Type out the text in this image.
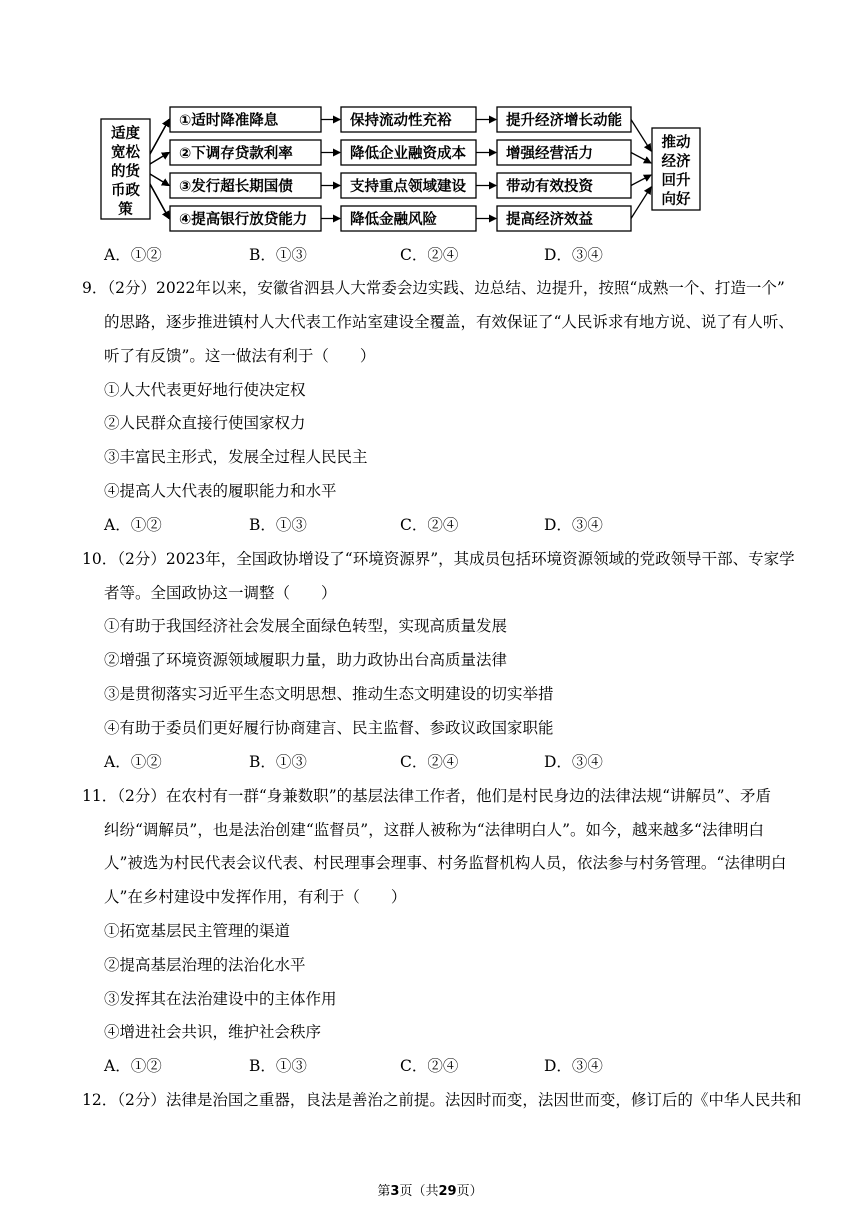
适度
宽松
的货
币政
策
①适时降准降息
②下调存贷款利率
③发行超长期国债
④提高银行放贷能力
保持流动性充裕
降低企业融资成本
支持重点领域建设
降低金融风险
提升经济增长动能
增强经营活力
带动有效投资
提高经济效益
推动
经济
回升
向好
A．①②	B．①③	C．②④	D．③④
9．（2分）2022年以来，安徽省泗县人大常委会边实践、边总结、边提升，按照“成熟一个、打造一个”
的思路，逐步推进镇村人大代表工作站室建设全覆盖，有效保证了“人民诉求有地方说、说了有人听、
听了有反馈”。这一做法有利于（　　）
①人大代表更好地行使决定权
②人民群众直接行使国家权力
③丰富民主形式，发展全过程人民民主
④提高人大代表的履职能力和水平
A．①②	B．①③	C．②④	D．③④
10．（2分）2023年，全国政协增设了“环境资源界”，其成员包括环境资源领域的党政领导干部、专家学
者等。全国政协这一调整（　　）
①有助于我国经济社会发展全面绿色转型，实现高质量发展
②增强了环境资源领域履职力量，助力政协出台高质量法律
③是贯彻落实习近平生态文明思想、推动生态文明建设的切实举措
④有助于委员们更好履行协商建言、民主监督、参政议政国家职能
A．①②	B．①③	C．②④	D．③④
11．（2分）在农村有一群“身兼数职”的基层法律工作者，他们是村民身边的法律法规“讲解员”、矛盾
纠纷“调解员”，也是法治创建“监督员”，这群人被称为“法律明白人”。如今，越来越多“法律明白
人”被选为村民代表会议代表、村民理事会理事、村务监督机构人员，依法参与村务管理。“法律明白
人”在乡村建设中发挥作用，有利于（　　）
①拓宽基层民主管理的渠道
②提高基层治理的法治化水平
③发挥其在法治建设中的主体作用
④增进社会共识，维护社会秩序
A．①②	B．①③	C．②④	D．③④
12．（2分）法律是治国之重器，良法是善治之前提。法因时而变，法因世而变，修订后的《中华人民共和
第3页（共29页）
